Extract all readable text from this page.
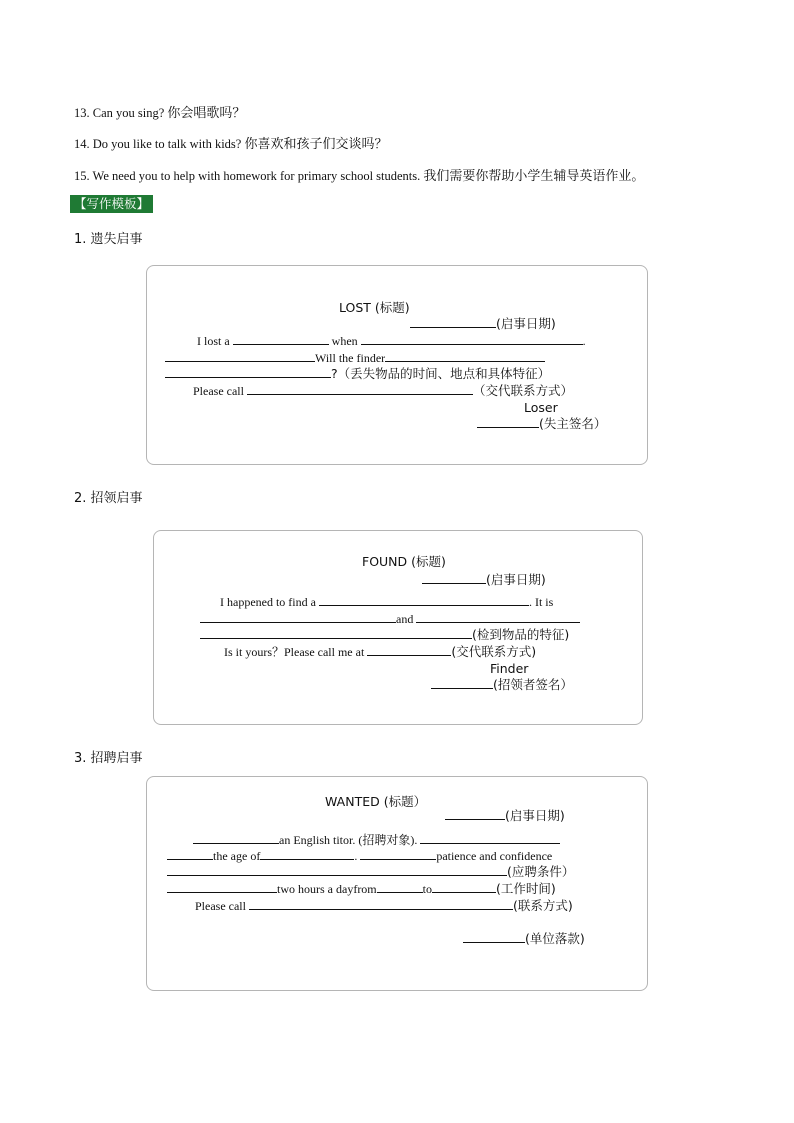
13. Can you sing? 你会唱歌吗？
14. Do you like to talk with kids? 你喜欢和孩子们交谈吗？
15. We need you to help with homework for primary school students. 我们需要你帮助小学生辅导英语作业。
【写作模板】
1. 遗失启事
LOST (标题)
(启事日期)
I lost a	when	.
Will the finder
?（丢失物品的时间、地点和具体特征）
Please call	（交代联系方式）
Loser
(失主签名）
2. 招领启事
FOUND (标题)
(启事日期)
I happened to find a	. It is
and
(检到物品的特征)
Is it yours？Please call me at	(交代联系方式)
Finder
(招领者签名）
3. 招聘启事
WANTED (标题）
(启事日期)
an English titor. (招聘对象).
the age of	.	patience and confidence
(应聘条件）
two hours a dayfrom	to	(工作时间)
Please call	(联系方式)
(单位落款)
